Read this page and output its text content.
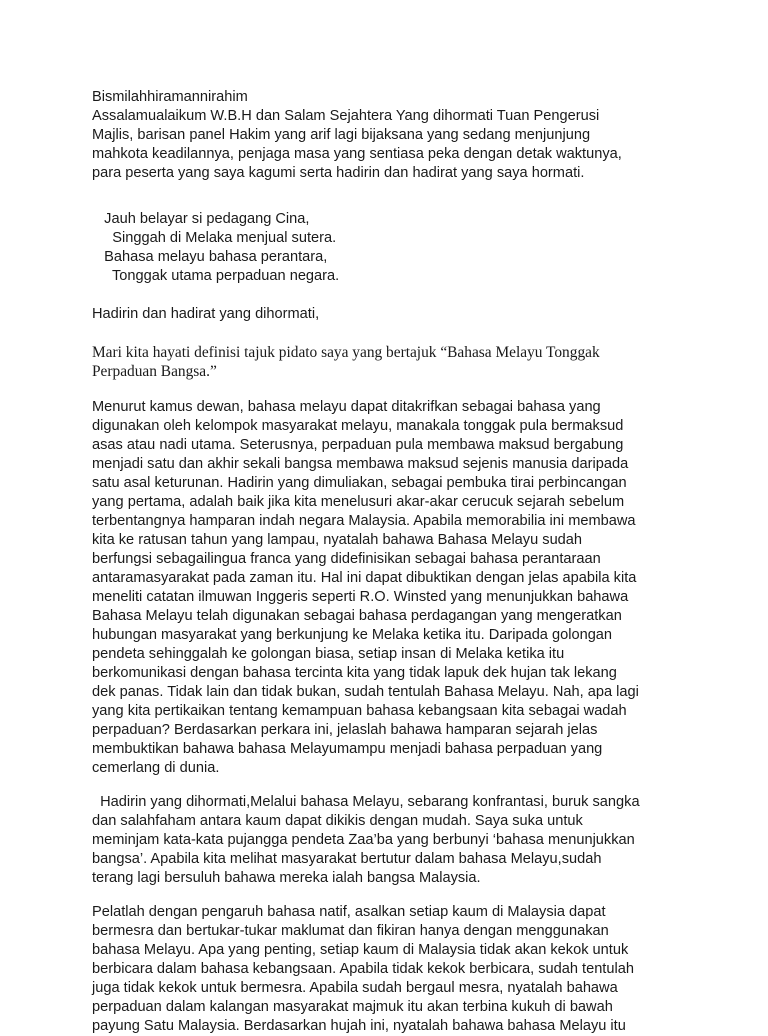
Bismilahhiramannirahim

Assalamualaikum W.B.H dan Salam Sejahtera Yang dihormati Tuan Pengerusi
Majlis, barisan panel Hakim yang arif lagi bijaksana yang sedang menjunjung
mahkota keadilannya, penjaga masa yang sentiasa peka dengan detak waktunya,
para peserta yang saya kagumi serta hadirin dan hadirat yang saya hormati.
Jauh belayar si pedagang Cina,
Singgah di Melaka menjual sutera.
Bahasa melayu bahasa perantara,
Tonggak utama perpaduan negara.

Hadirin dan hadirat yang dihormati,

Mari kita hayati definisi tajuk pidato saya yang bertajuk “Bahasa Melayu Tonggak
Perpaduan Bangsa.”
Menurut kamus dewan, bahasa melayu dapat ditakrifkan sebagai bahasa yang
digunakan oleh kelompok masyarakat melayu, manakala tonggak pula bermaksud
asas atau nadi utama. Seterusnya, perpaduan pula membawa maksud bergabung
menjadi satu dan akhir sekali bangsa membawa maksud sejenis manusia daripada
satu asal keturunan. Hadirin yang dimuliakan, sebagai pembuka tirai perbincangan
yang pertama, adalah baik jika kita menelusuri akar-akar cerucuk sejarah sebelum
terbentangnya hamparan indah negara Malaysia. Apabila memorabilia ini membawa
kita ke ratusan tahun yang lampau, nyatalah bahawa Bahasa Melayu sudah
berfungsi sebagailingua franca yang didefinisikan sebagai bahasa perantaraan
antaramasyarakat pada zaman itu. Hal ini dapat dibuktikan dengan jelas apabila kita
meneliti catatan ilmuwan Inggeris seperti R.O. Winsted yang menunjukkan bahawa
Bahasa Melayu telah digunakan sebagai bahasa perdagangan yang mengeratkan
hubungan masyarakat yang berkunjung ke Melaka ketika itu. Daripada golongan
pendeta sehinggalah ke golongan biasa, setiap insan di Melaka ketika itu
berkomunikasi dengan bahasa tercinta kita yang tidak lapuk dek hujan tak lekang
dek panas. Tidak lain dan tidak bukan, sudah tentulah Bahasa Melayu. Nah, apa lagi
yang kita pertikaikan tentang kemampuan bahasa kebangsaan kita sebagai wadah
perpaduan? Berdasarkan perkara ini, jelaslah bahawa hamparan sejarah jelas
membuktikan bahawa bahasa Melayumampu menjadi bahasa perpaduan yang
cemerlang di dunia.
Hadirin yang dihormati,Melalui bahasa Melayu, sebarang konfrantasi, buruk sangka
dan salahfaham antara kaum dapat dikikis dengan mudah. Saya suka untuk
meminjam kata-kata pujangga pendeta Zaa’ba yang berbunyi ‘bahasa menunjukkan
bangsa’. Apabila kita melihat masyarakat bertutur dalam bahasa Melayu,sudah
terang lagi bersuluh bahawa mereka ialah bangsa Malaysia.
Pelatlah dengan pengaruh bahasa natif, asalkan setiap kaum di Malaysia dapat
bermesra dan bertukar-tukar maklumat dan fikiran hanya dengan menggunakan
bahasa Melayu. Apa yang penting, setiap kaum di Malaysia tidak akan kekok untuk
berbicara dalam bahasa kebangsaan. Apabila tidak kekok berbicara, sudah tentulah
juga tidak kekok untuk bermesra. Apabila sudah bergaul mesra, nyatalah bahawa
perpaduan dalam kalangan masyarakat majmuk itu akan terbina kukuh di bawah
payung Satu Malaysia. Berdasarkan hujah ini, nyatalah bahawa bahasa Melayu itu
